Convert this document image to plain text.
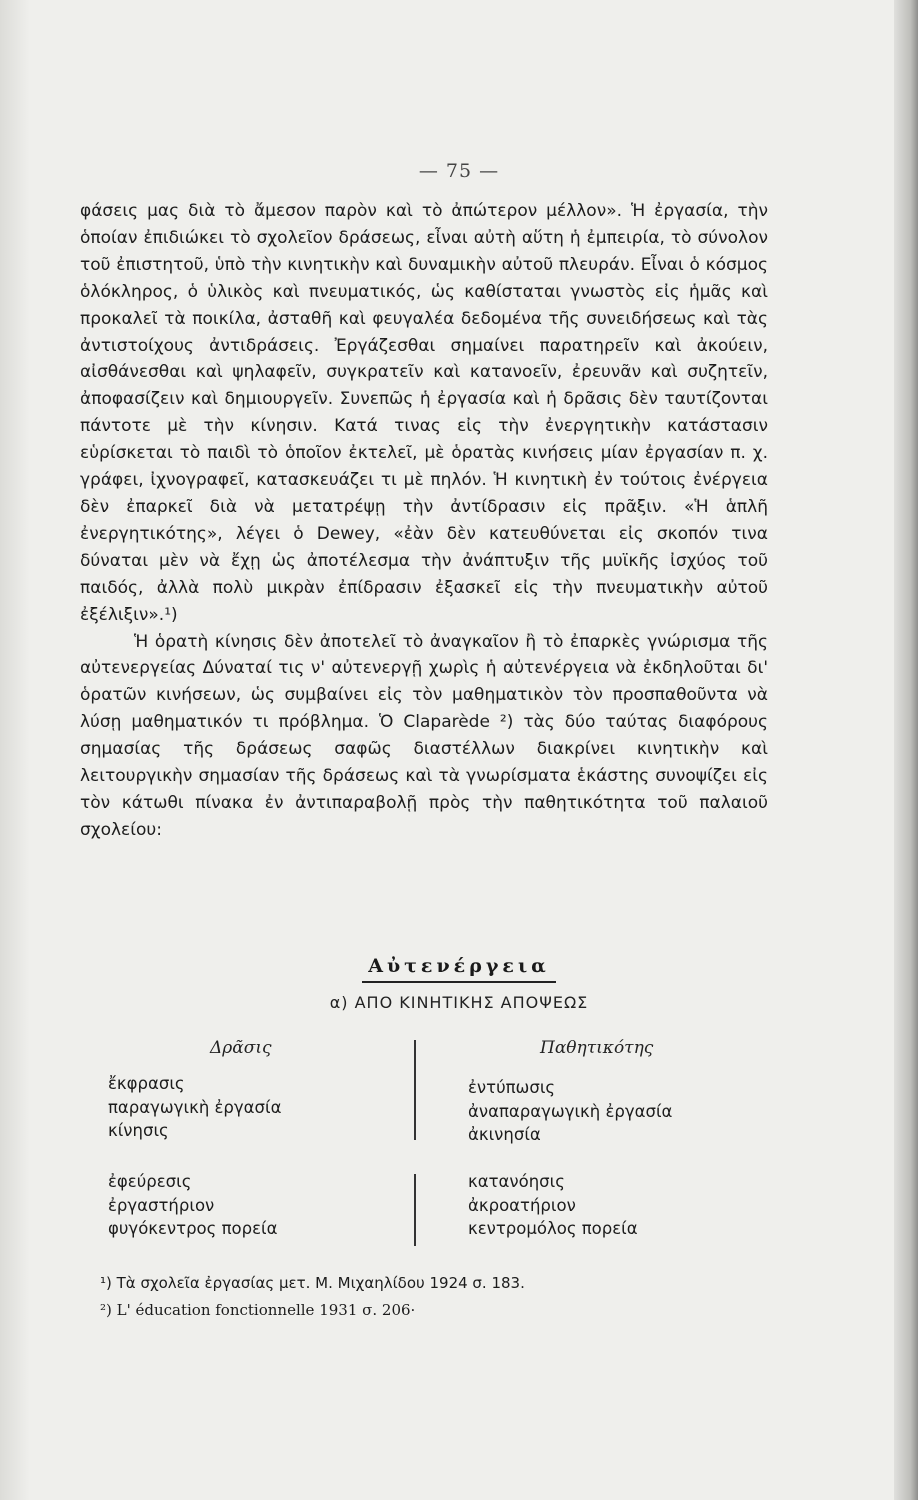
— 75 —

φάσεις μας διὰ τὸ ἄμεσον παρὸν καὶ τὸ ἀπώτερον μέλλον». Ἡ ἐργασία, τὴν ὁποίαν ἐπιδιώκει τὸ σχολεῖον δράσεως, εἶναι αὐτὴ αὕτη ἡ ἐμπειρία, τὸ σύνολον τοῦ ἐπιστητοῦ, ὑπὸ τὴν κινητικὴν καὶ δυναμικὴν αὐτοῦ πλευράν. Εἶναι ὁ κόσμος ὁλόκληρος, ὁ ὑλικὸς καὶ πνευματικός, ὡς καθίσταται γνωστὸς εἰς ἡμᾶς καὶ προκαλεῖ τὰ ποικίλα, ἀσταθῆ καὶ φευγαλέα δεδομένα τῆς συνειδήσεως καὶ τὰς ἀντιστοίχους ἀντιδράσεις. Ἐργάζεσθαι σημαίνει παρατηρεῖν καὶ ἀκούειν, αἰσθάνεσθαι καὶ ψηλαφεῖν, συγκρατεῖν καὶ κατανοεῖν, ἐρευνᾶν καὶ συζητεῖν, ἀποφασίζειν καὶ δημιουργεῖν. Συνεπῶς ἡ ἐργασία καὶ ἡ δρᾶσις δὲν ταυτίζονται πάντοτε μὲ τὴν κίνησιν. Κατά τινας εἰς τὴν ἐνεργητικὴν κατάστασιν εὑρίσκεται τὸ παιδὶ τὸ ὁποῖον ἐκτελεῖ, μὲ ὁρατὰς κινήσεις μίαν ἐργασίαν π. χ. γράφει, ἰχνογραφεῖ, κατασκευάζει τι μὲ πηλόν. Ἡ κινητικὴ ἐν τούτοις ἐνέργεια δὲν ἐπαρκεῖ διὰ νὰ μετατρέψῃ τὴν ἀντίδρασιν εἰς πρᾶξιν. «Ἡ ἁπλῆ ἐνεργητικότης», λέγει ὁ Dewey, «ἐὰν δὲν κατευθύνεται εἰς σκοπόν τινα δύναται μὲν νὰ ἔχῃ ὡς ἀποτέλεσμα τὴν ἀνάπτυξιν τῆς μυϊκῆς ἰσχύος τοῦ παιδός, ἀλλὰ πολὺ μικρὰν ἐπίδρασιν ἐξασκεῖ εἰς τὴν πνευματικὴν αὐτοῦ ἐξέλιξιν».¹)

Ἡ ὁρατὴ κίνησις δὲν ἀποτελεῖ τὸ ἀναγκαῖον ἢ τὸ ἐπαρκὲς γνώρισμα τῆς αὐτενεργείας Δύναταί τις ν' αὐτενεργῇ χωρὶς ἡ αὐτενέργεια νὰ ἐκδηλοῦται δι' ὁρατῶν κινήσεων, ὡς συμβαίνει εἰς τὸν μαθηματικὸν τὸν προσπαθοῦντα νὰ λύσῃ μαθηματικόν τι πρόβλημα. Ὁ Claparède ²) τὰς δύο ταύτας διαφόρους σημασίας τῆς δράσεως σαφῶς διαστέλλων διακρίνει κινητικὴν καὶ λειτουργικὴν σημασίαν τῆς δράσεως καὶ τὰ γνωρίσματα ἑκάστης συνοψίζει εἰς τὸν κάτωθι πίνακα ἐν ἀντιπαραβολῇ πρὸς τὴν παθητικότητα τοῦ παλαιοῦ σχολείου:

Αὐτενέργεια
α) ΑΠΟ ΚΙΝΗΤΙΚΗΣ ΑΠΟΨΕΩΣ
Δρᾶσις	Παθητικότης
ἔκφρασις
παραγωγικὴ ἐργασία
κίνησις
ἐντύπωσις
ἀναπαραγωγικὴ ἐργασία
ἀκινησία
ἐφεύρεσις
ἐργαστήριον
φυγόκεντρος πορεία
κατανόησις
ἀκροατήριον
κεντρομόλος πορεία
¹) Τὰ σχολεῖα ἐργασίας μετ. Μ. Μιχαηλίδου 1924 σ. 183.
²) L' éducation fonctionnelle 1931 σ. 206·
